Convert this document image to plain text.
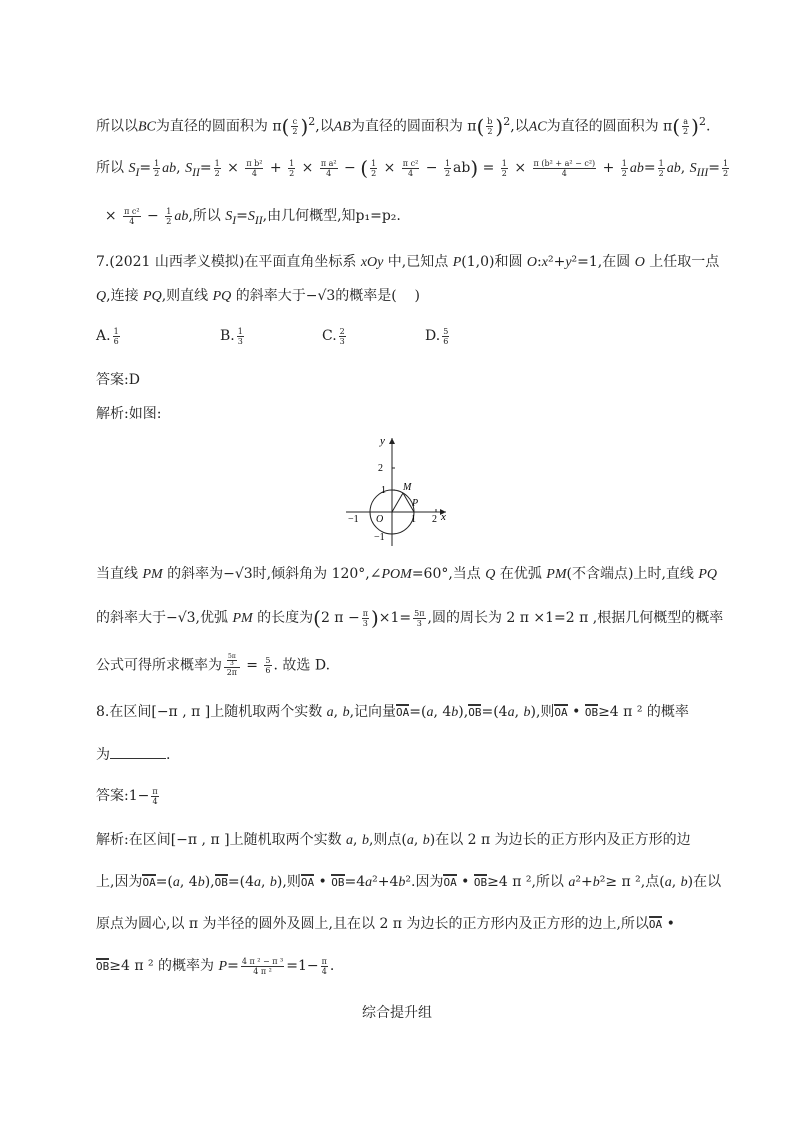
所以以BC为直径的圆面积为 $\pi( \frac{c}{2} )^2$,以AB为直径的圆面积为 $\pi( \frac{b}{2} )^2$,以AC为直径的圆面积为 $\pi( \frac{a}{2} )^2$.
所以 $S_I= \frac{1}{2}$ ab, $S_{II}= \frac{1}{2} \times \frac{\text{π b²}}{4} + \frac{1}{2} \times \frac{\text{π a²}}{4}$ − ( $\frac{1}{2} \times \frac{\text{π c²}}{4} - \frac{1}{2} ab) = \frac{1}{2} \times \frac{\text{π (b² + a² − c²)}}{4} + \frac{1}{2} ab= \frac{1}{2}$ ab, $S_{III}= \frac{1}{2}$
× $\frac{\text{π c²}}{4} - \frac{1}{2}$ ab,所以 $S_I=S_{II}$,由几何概型,知p₁=p₂.
7.(2021 山西孝义模拟)在平面直角坐标系 xOy 中,已知点 P(1,0)和圆 O:x²+y²=1,在圆 O 上任取一点
Q,连接 PQ,则直线 PQ 的斜率大于−√3的概率是(    )
A. $\frac{1}{6}$	B. $\frac{1}{3}$	C. $\frac{2}{3}$	D. $\frac{5}{6}$
答案:D
解析:如图:
y
x
2
1 M
P
−1 O	1 2
−1
当直线 PM 的斜率为−√3时,倾斜角为 120°,∠POM=60°,当点 Q 在优弧 PM(不含端点)上时,直线 PQ
的斜率大于−√3,优弧 PM 的长度为(2 $\pi - \frac{\pi}{3} )\times 1= \frac{5\pi}{3}$ ,圆的周长为 2 π ×1=2 π ,根据几何概型的概率
公式可得所求概率为 $\frac{\frac{5\pi}{3}}{2\pi} = \frac{5}{6}$ . 故选 D.
8.在区间[−π , π ]上随机取两个实数 a, b,记向量OA=(a, 4b),OB=(4a, b),则OA • OB≥4 π ² 的概率
为	.
答案:1− $\frac{\pi}{4}$
解析:在区间[−π , π ]上随机取两个实数 a, b,则点(a, b)在以 2 π 为边长的正方形内及正方形的边
上,因为OA=(a, 4b),OB=(4a, b),则OA • OB=4a²+4b².因为OA • OB≥4 π ²,所以 a²+b²≥ π ²,点(a, b)在以
原点为圆心,以 π 为半径的圆外及圆上,且在以 2 π 为边长的正方形内及正方形的边上,所以OA •
OB≥4 π ² 的概率为 $P= \frac{\text{4 π ² − π ³}}{\text{4 π ²}} =1- \frac{\pi}{4}$ .
综合提升组
